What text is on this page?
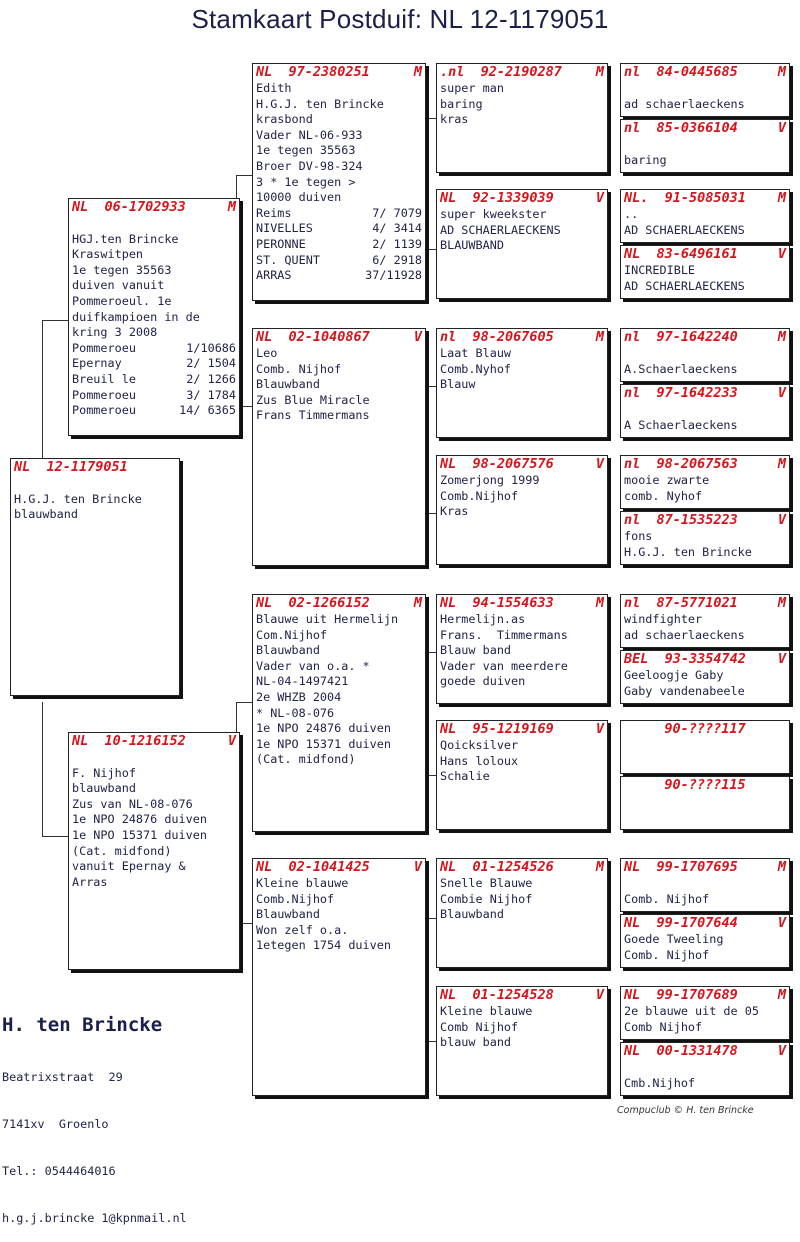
Stamkaart Postduif: NL 12-1179051
NL 12-1179051
H.G.J. ten Brincke
blauwband
NL 06-1702933	M
HGJ.ten Brincke
Kraswitpen
1e tegen 35563
duiven vanuit
Pommeroeul. 1e
duifkampioen in de
kring 3 2008
Pommeroeu	1/10686
Epernay	2/ 1504
Breuil le	2/ 1266
Pommeroeu	3/ 1784
Pommeroeu	14/ 6365
NL 10-1216152	V
F. Nijhof
blauwband
Zus van NL-08-076
1e NPO 24876 duiven
1e NPO 15371 duiven
(Cat. midfond)
vanuit Epernay &
Arras
NL 97-2380251	M
Edith
H.G.J. ten Brincke
krasbond
Vader NL-06-933
1e tegen 35563
Broer DV-98-324
3 * 1e tegen >
10000 duiven
Reims	7/ 7079
NIVELLES	4/ 3414
PERONNE	2/ 1139
ST. QUENT	6/ 2918
ARRAS	37/11928
NL 02-1040867	V
Leo
Comb. Nijhof
Blauwband
Zus Blue Miracle
Frans Timmermans
NL 02-1266152	M
Blauwe uit Hermelijn
Com.Nijhof
Blauwband
Vader van o.a. *
NL-04-1497421
2e WHZB 2004
* NL-08-076
1e NPO 24876 duiven
1e NPO 15371 duiven
(Cat. midfond)
NL 02-1041425	V
Kleine blauwe
Comb.Nijhof
Blauwband
Won zelf o.a.
1etegen 1754 duiven
.nl 92-2190287	M
super man
baring
kras
NL 92-1339039	V
super kweekster
AD SCHAERLAECKENS
BLAUWBAND
nl 98-2067605	M
Laat Blauw
Comb.Nyhof
Blauw
NL 98-2067576	V
Zomerjong 1999
Comb.Nijhof
Kras
NL 94-1554633	M
Hermelijn.as
Frans.  Timmermans
Blauw band
Vader van meerdere
goede duiven
NL 95-1219169	V
Qoicksilver
Hans loloux
Schalie
NL 01-1254526	M
Snelle Blauwe
Combie Nijhof
Blauwband
NL 01-1254528	V
Kleine blauwe
Comb Nijhof
blauw band
nl 84-0445685	M
ad schaerlaeckens
nl 85-0366104	V
baring
NL. 91-5085031 M
..
AD SCHAERLAECKENS
NL 83-6496161	V
INCREDIBLE
AD SCHAERLAECKENS
nl 97-1642240	M
A.Schaerlaeckens
nl 97-1642233	V
A Schaerlaeckens
nl 98-2067563	M
mooie zwarte
comb. Nyhof
nl 87-1535223	V
fons
H.G.J. ten Brincke
nl 87-5771021	M
windfighter
ad schaerlaeckens
BEL 93-3354742 V
Geeloogje Gaby
Gaby vandenabeele
90-????117
90-????115
NL 99-1707695	M
Comb. Nijhof
NL 99-1707644	V
Goede Tweeling
Comb. Nijhof
NL 99-1707689	M
2e blauwe uit de 05
Comb Nijhof
NL 00-1331478	V
Cmb.Nijhof
H. ten Brincke

Beatrixstraat  29

7141xv  Groenlo

Tel.: 0544464016

h.g.j.brincke 1@kpnmail.nl

Compuclub © H. ten Brincke
